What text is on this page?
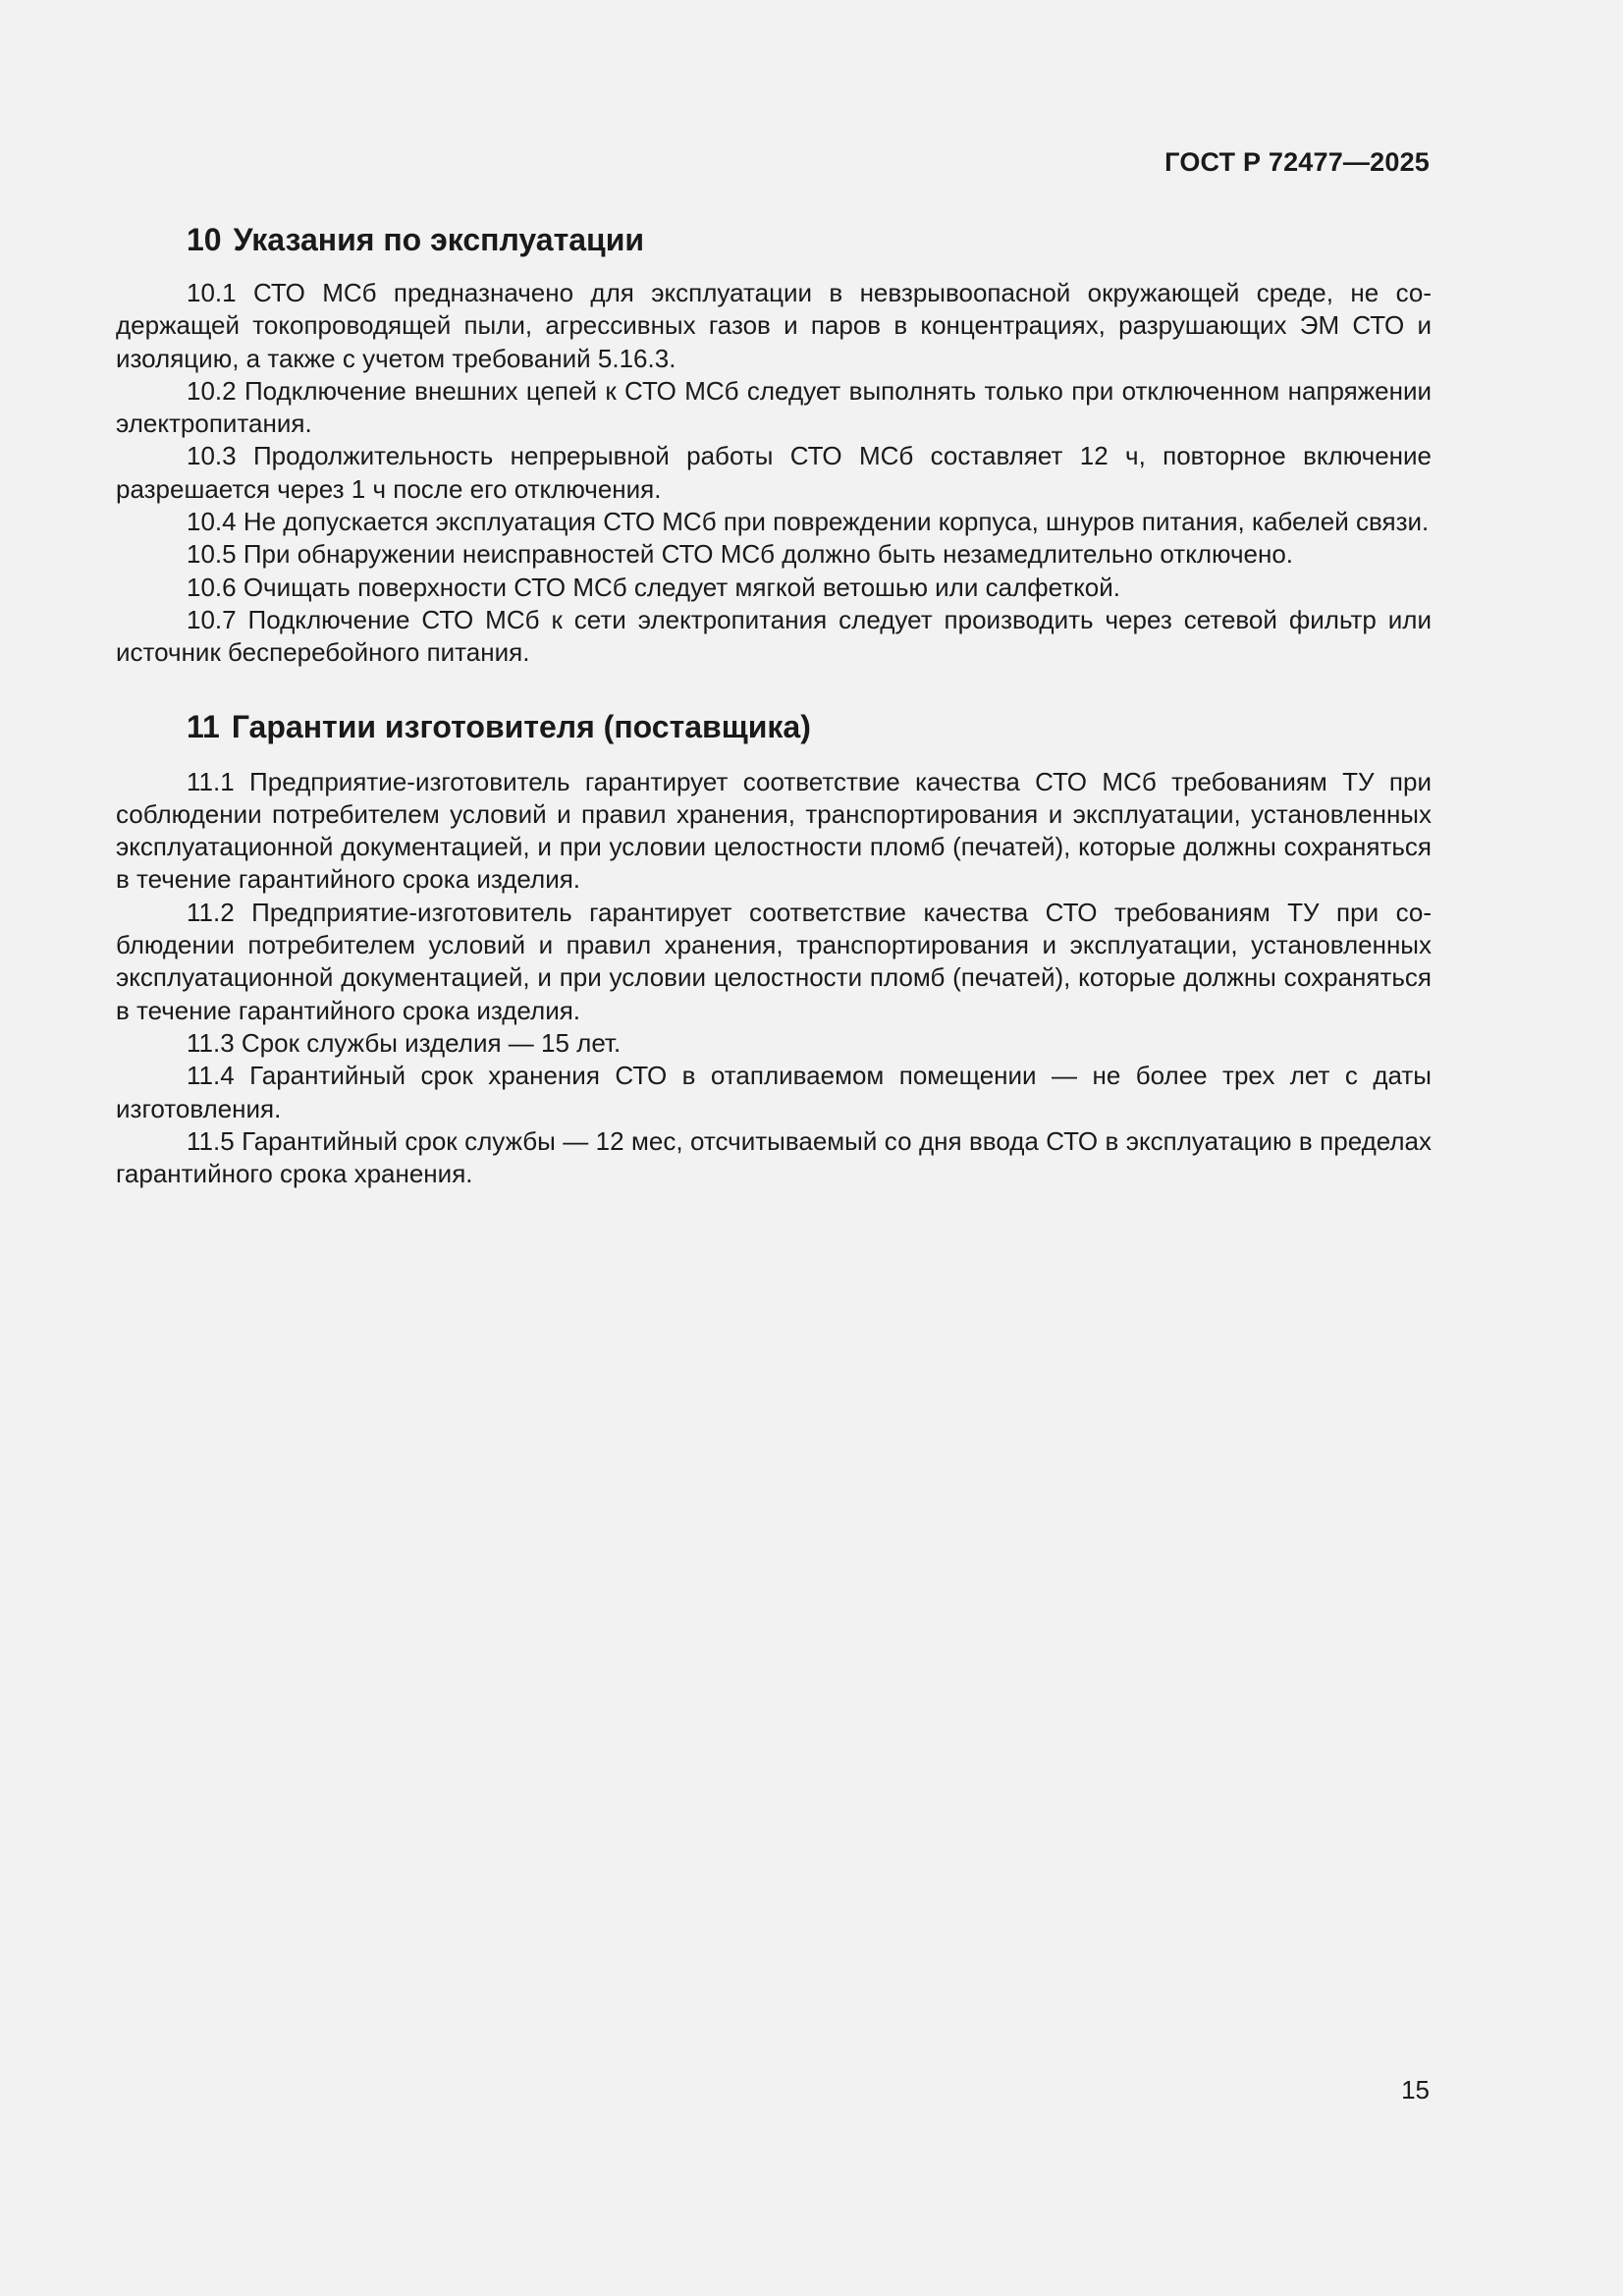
ГОСТ Р 72477—2025
10 Указания по эксплуатации

10.1 СТО МСб предназначено для эксплуатации в невзрывоопасной окружающей среде, не содержащей токопроводящей пыли, агрессивных газов и паров в концентрациях, разрушающих ЭМ СТО и изоляцию, а также с учетом требований 5.16.3.

10.2 Подключение внешних цепей к СТО МСб следует выполнять только при отключенном напряжении электропитания.

10.3 Продолжительность непрерывной работы СТО МСб составляет 12 ч, повторное включение разрешается через 1 ч после его отключения.

10.4 Не допускается эксплуатация СТО МСб при повреждении корпуса, шнуров питания, кабелей связи.

10.5 При обнаружении неисправностей СТО МСб должно быть незамедлительно отключено.

10.6 Очищать поверхности СТО МСб следует мягкой ветошью или салфеткой.

10.7 Подключение СТО МСб к сети электропитания следует производить через сетевой фильтр или источник бесперебойного питания.

11 Гарантии изготовителя (поставщика)

11.1 Предприятие-изготовитель гарантирует соответствие качества СТО МСб требованиям ТУ при соблюдении потребителем условий и правил хранения, транспортирования и эксплуатации, установленных эксплуатационной документацией, и при условии целостности пломб (печатей), которые должны сохраняться в течение гарантийного срока изделия.

11.2 Предприятие-изготовитель гарантирует соответствие качества СТО требованиям ТУ при соблюдении потребителем условий и правил хранения, транспортирования и эксплуатации, установленных эксплуатационной документацией, и при условии целостности пломб (печатей), которые должны сохраняться в течение гарантийного срока изделия.

11.3 Срок службы изделия — 15 лет.

11.4 Гарантийный срок хранения СТО в отапливаемом помещении — не более трех лет с даты изготовления.

11.5 Гарантийный срок службы — 12 мес, отсчитываемый со дня ввода СТО в эксплуатацию в пределах гарантийного срока хранения.

15
